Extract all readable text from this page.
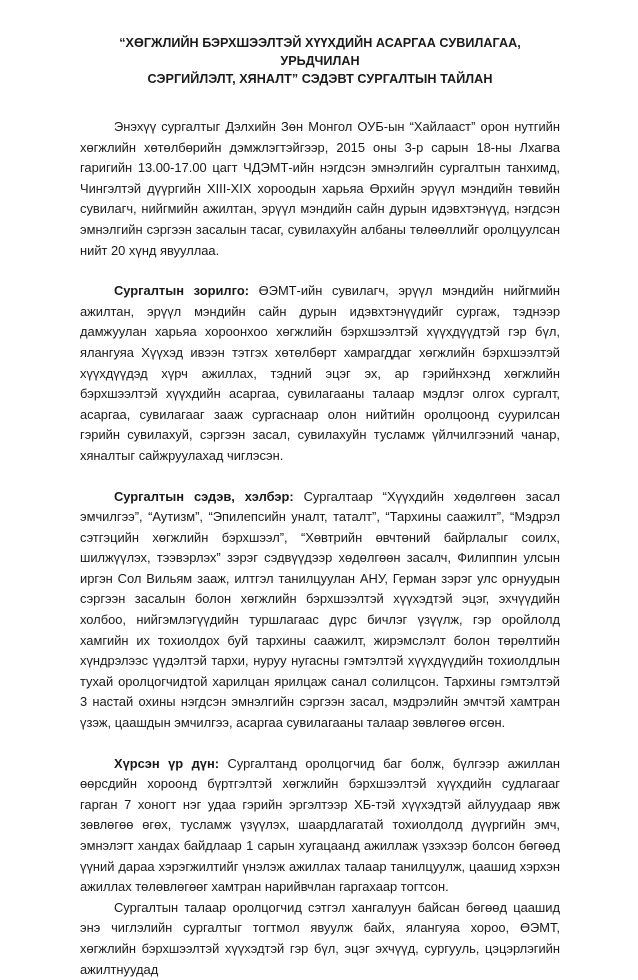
“ХӨГЖЛИЙН БЭРХШЭЭЛТЭЙ ХҮҮХДИЙН АСАРГАА СУВИЛАГАА, УРЬДЧИЛАН
СЭРГИЙЛЭЛТ, ХЯНАЛТ” СЭДЭВТ СУРГАЛТЫН ТАЙЛАН

Энэхүү сургалтыг Дэлхийн Зөн Монгол ОУБ-ын “Хайлааст” орон нутгийн хөгжлийн хөтөлбөрийн дэмжлэгтэйгээр, 2015 оны 3-р сарын 18-ны Лхагва гаригийн 13.00-17.00 цагт ЧДЭМТ-ийн нэгдсэн эмнэлгийн сургалтын танхимд, Чингэлтэй дүүргийн XIII-XIX хороодын харьяа Өрхийн эрүүл мэндийн төвийн сувилагч, нийгмийн ажилтан, эрүүл мэндийн сайн дурын идэвхтэнүүд, нэгдсэн эмнэлгийн сэргээн засалын тасаг, сувилахуйн албаны төлөөллийг оролцуулсан нийт 20 хүнд явууллаа.

Сургалтын зорилго: ӨЭМТ-ийн сувилагч, эрүүл мэндийн нийгмийн ажилтан, эрүүл мэндийн сайн дурын идэвхтэнүүдийг сургаж, тэднээр дамжуулан харьяа хороонхоо хөгжлийн бэрхшээлтэй хүүхдүүдтэй гэр бүл, ялангуяа Хүүхэд ивээн тэтгэх хөтөлбөрт хамрагддаг хөгжлийн бэрхшээлтэй хүүхдүүдэд хүрч ажиллах, тэдний эцэг эх, ар гэрийнхэнд хөгжлийн бэрхшээлтэй хүүхдийн асаргаа, сувилагааны талаар мэдлэг олгох сургалт, асаргаа, сувилагааг зааж сургаснаар олон нийтийн оролцоонд суурилсан гэрийн сувилахуй, сэргээн засал, сувилахуйн тусламж үйлчилгээний чанар, хяналтыг сайжруулахад чиглэсэн.

Сургалтын сэдэв, хэлбэр: Сургалтаар “Хүүхдийн хөдөлгөөн засал эмчилгээ”, “Аутизм”, “Эпилепсийн уналт, таталт”, “Тархины саажилт”, “Мэдрэл сэтгэцийн хөгжлийн бэрхшээл”, “Хөвтрийн өвчтөний байрлалыг соилх, шилжүүлэх, тээвэрлэх” зэрэг сэдвүүдээр хөдөлгөөн засалч, Филиппин улсын иргэн Сол Вильям зааж, илтгэл танилцуулан АНУ, Герман зэрэг улс орнуудын сэргээн засалын болон хөгжлийн бэрхшээлтэй хүүхэдтэй эцэг, эхчүүдийн холбоо, нийгэмлэгүүдийн туршлагаас дүрс бичлэг үзүүлж, гэр оройлолд хамгийн их тохиолдох буй тархины саажилт, жирэмслэлт болон төрөлтийн хүндрэлээс үүдэлтэй тархи, нуруу нугасны гэмтэлтэй хүүхдүүдийн тохиолдлын тухай оролцогчидтой харилцан ярилцаж санал солилцсон. Тархины гэмтэлтэй 3 настай охины нэгдсэн эмнэлгийн сэргээн засал, мэдрэлийн эмчтэй хамтран үзэж, цаашдын эмчилгээ, асаргаа сувилагааны талаар зөвлөгөө өгсөн.

Хүрсэн үр дүн: Сургалтанд оролцогчид баг болж, бүлгээр ажиллан өөрсдийн хороонд бүртгэлтэй хөгжлийн бэрхшээлтэй хүүхдийн судлагааг гарган 7 хоногт нэг удаа гэрийн эргэлтээр ХБ-тэй хүүхэдтэй айлуудаар явж зөвлөгөө өгөх, тусламж үзүүлэх, шаардлагатай тохиолдолд дүүргийн эмч, эмнэлэгт хандах байдлаар 1 сарын хугацаанд ажиллаж үзэхээр болсон бөгөөд үүний дараа хэрэгжилтийг үнэлэж ажиллах талаар танилцуулж, цаашид хэрхэн ажиллах төлөвлөгөөг хамтран нарийвчлан гаргахаар тогтсон.

Сургалтын талаар оролцогчид сэтгэл хангалуун байсан бөгөөд цаашид энэ чиглэлийн сургалтыг тогтмол явуулж байх, ялангуяа хороо, ӨЭМТ, хөгжлийн бэрхшээлтэй хүүхэдтэй гэр бүл, эцэг эхчүүд, сургууль, цэцэрлэгийн ажилтнуудад
